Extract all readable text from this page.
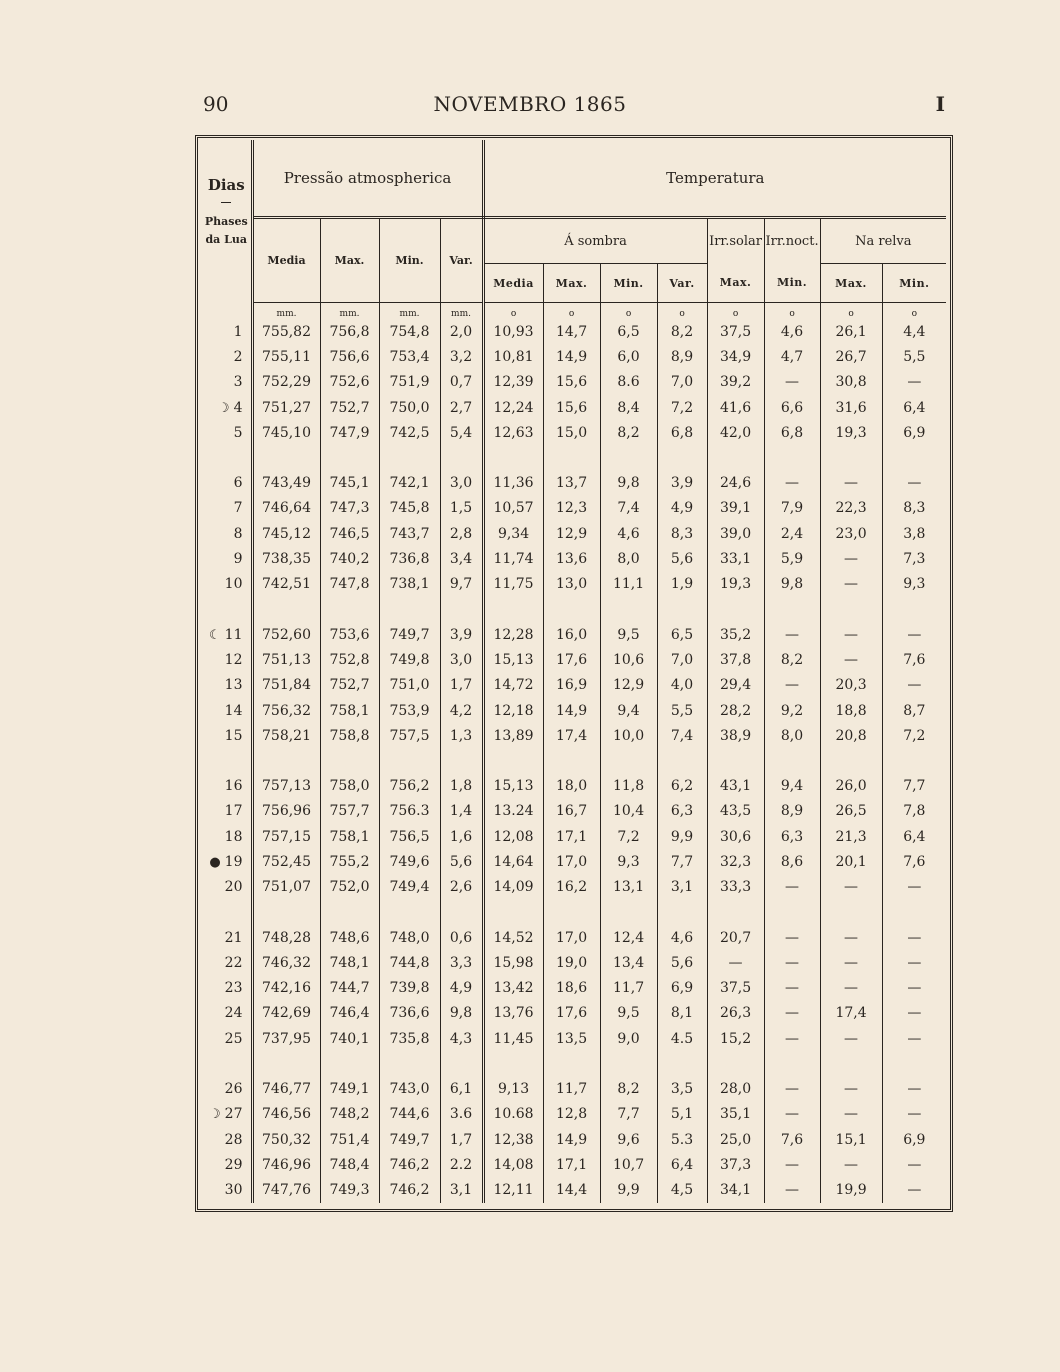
90	NOVEMBRO 1865	I
Dias
Phases da Lua	Pressão atmospherica				Temperatura							
	Media	Max.	Min.	Var.	Á sombra				Irr.solar	Irr.noct.	Na relva	
					Media	Max.	Min.	Var.	Max.	Min.	Max.	Min.
	mm.	mm.	mm.	mm.	o	o	o	o	o	o	o	o
1	755,82	756,8	754,8	2,0	10,93	14,7	6,5	8,2	37,5	4,6	26,1	4,4
2	755,11	756,6	753,4	3,2	10,81	14,9	6,0	8,9	34,9	4,7	26,7	5,5
3	752,29	752,6	751,9	0,7	12,39	15,6	8.6	7,0	39,2	—	30,8	—
☽ 4	751,27	752,7	750,0	2,7	12,24	15,6	8,4	7,2	41,6	6,6	31,6	6,4
5	745,10	747,9	742,5	5,4	12,63	15,0	8,2	6,8	42,0	6,8	19,3	6,9

6	743,49	745,1	742,1	3,0	11,36	13,7	9,8	3,9	24,6	—	—	—
7	746,64	747,3	745,8	1,5	10,57	12,3	7,4	4,9	39,1	7,9	22,3	8,3
8	745,12	746,5	743,7	2,8	9,34	12,9	4,6	8,3	39,0	2,4	23,0	3,8
9	738,35	740,2	736,8	3,4	11,74	13,6	8,0	5,6	33,1	5,9	—	7,3
10	742,51	747,8	738,1	9,7	11,75	13,0	11,1	1,9	19,3	9,8	—	9,3

☾ 11	752,60	753,6	749,7	3,9	12,28	16,0	9,5	6,5	35,2	—	—	—
12	751,13	752,8	749,8	3,0	15,13	17,6	10,6	7,0	37,8	8,2	—	7,6
13	751,84	752,7	751,0	1,7	14,72	16,9	12,9	4,0	29,4	—	20,3	—
14	756,32	758,1	753,9	4,2	12,18	14,9	9,4	5,5	28,2	9,2	18,8	8,7
15	758,21	758,8	757,5	1,3	13,89	17,4	10,0	7,4	38,9	8,0	20,8	7,2

16	757,13	758,0	756,2	1,8	15,13	18,0	11,8	6,2	43,1	9,4	26,0	7,7
17	756,96	757,7	756.3	1,4	13.24	16,7	10,4	6,3	43,5	8,9	26,5	7,8
18	757,15	758,1	756,5	1,6	12,08	17,1	7,2	9,9	30,6	6,3	21,3	6,4
● 19	752,45	755,2	749,6	5,6	14,64	17,0	9,3	7,7	32,3	8,6	20,1	7,6
20	751,07	752,0	749,4	2,6	14,09	16,2	13,1	3,1	33,3	—	—	—

21	748,28	748,6	748,0	0,6	14,52	17,0	12,4	4,6	20,7	—	—	—
22	746,32	748,1	744,8	3,3	15,98	19,0	13,4	5,6	—	—	—	—
23	742,16	744,7	739,8	4,9	13,42	18,6	11,7	6,9	37,5	—	—	—
24	742,69	746,4	736,6	9,8	13,76	17,6	9,5	8,1	26,3	—	17,4	—
25	737,95	740,1	735,8	4,3	11,45	13,5	9,0	4.5	15,2	—	—	—

26	746,77	749,1	743,0	6,1	9,13	11,7	8,2	3,5	28,0	—	—	—
☽ 27	746,56	748,2	744,6	3.6	10.68	12,8	7,7	5,1	35,1	—	—	—
28	750,32	751,4	749,7	1,7	12,38	14,9	9,6	5.3	25,0	7,6	15,1	6,9
29	746,96	748,4	746,2	2.2	14,08	17,1	10,7	6,4	37,3	—	—	—
30	747,76	749,3	746,2	3,1	12,11	14,4	9,9	4,5	34,1	—	19,9	—
